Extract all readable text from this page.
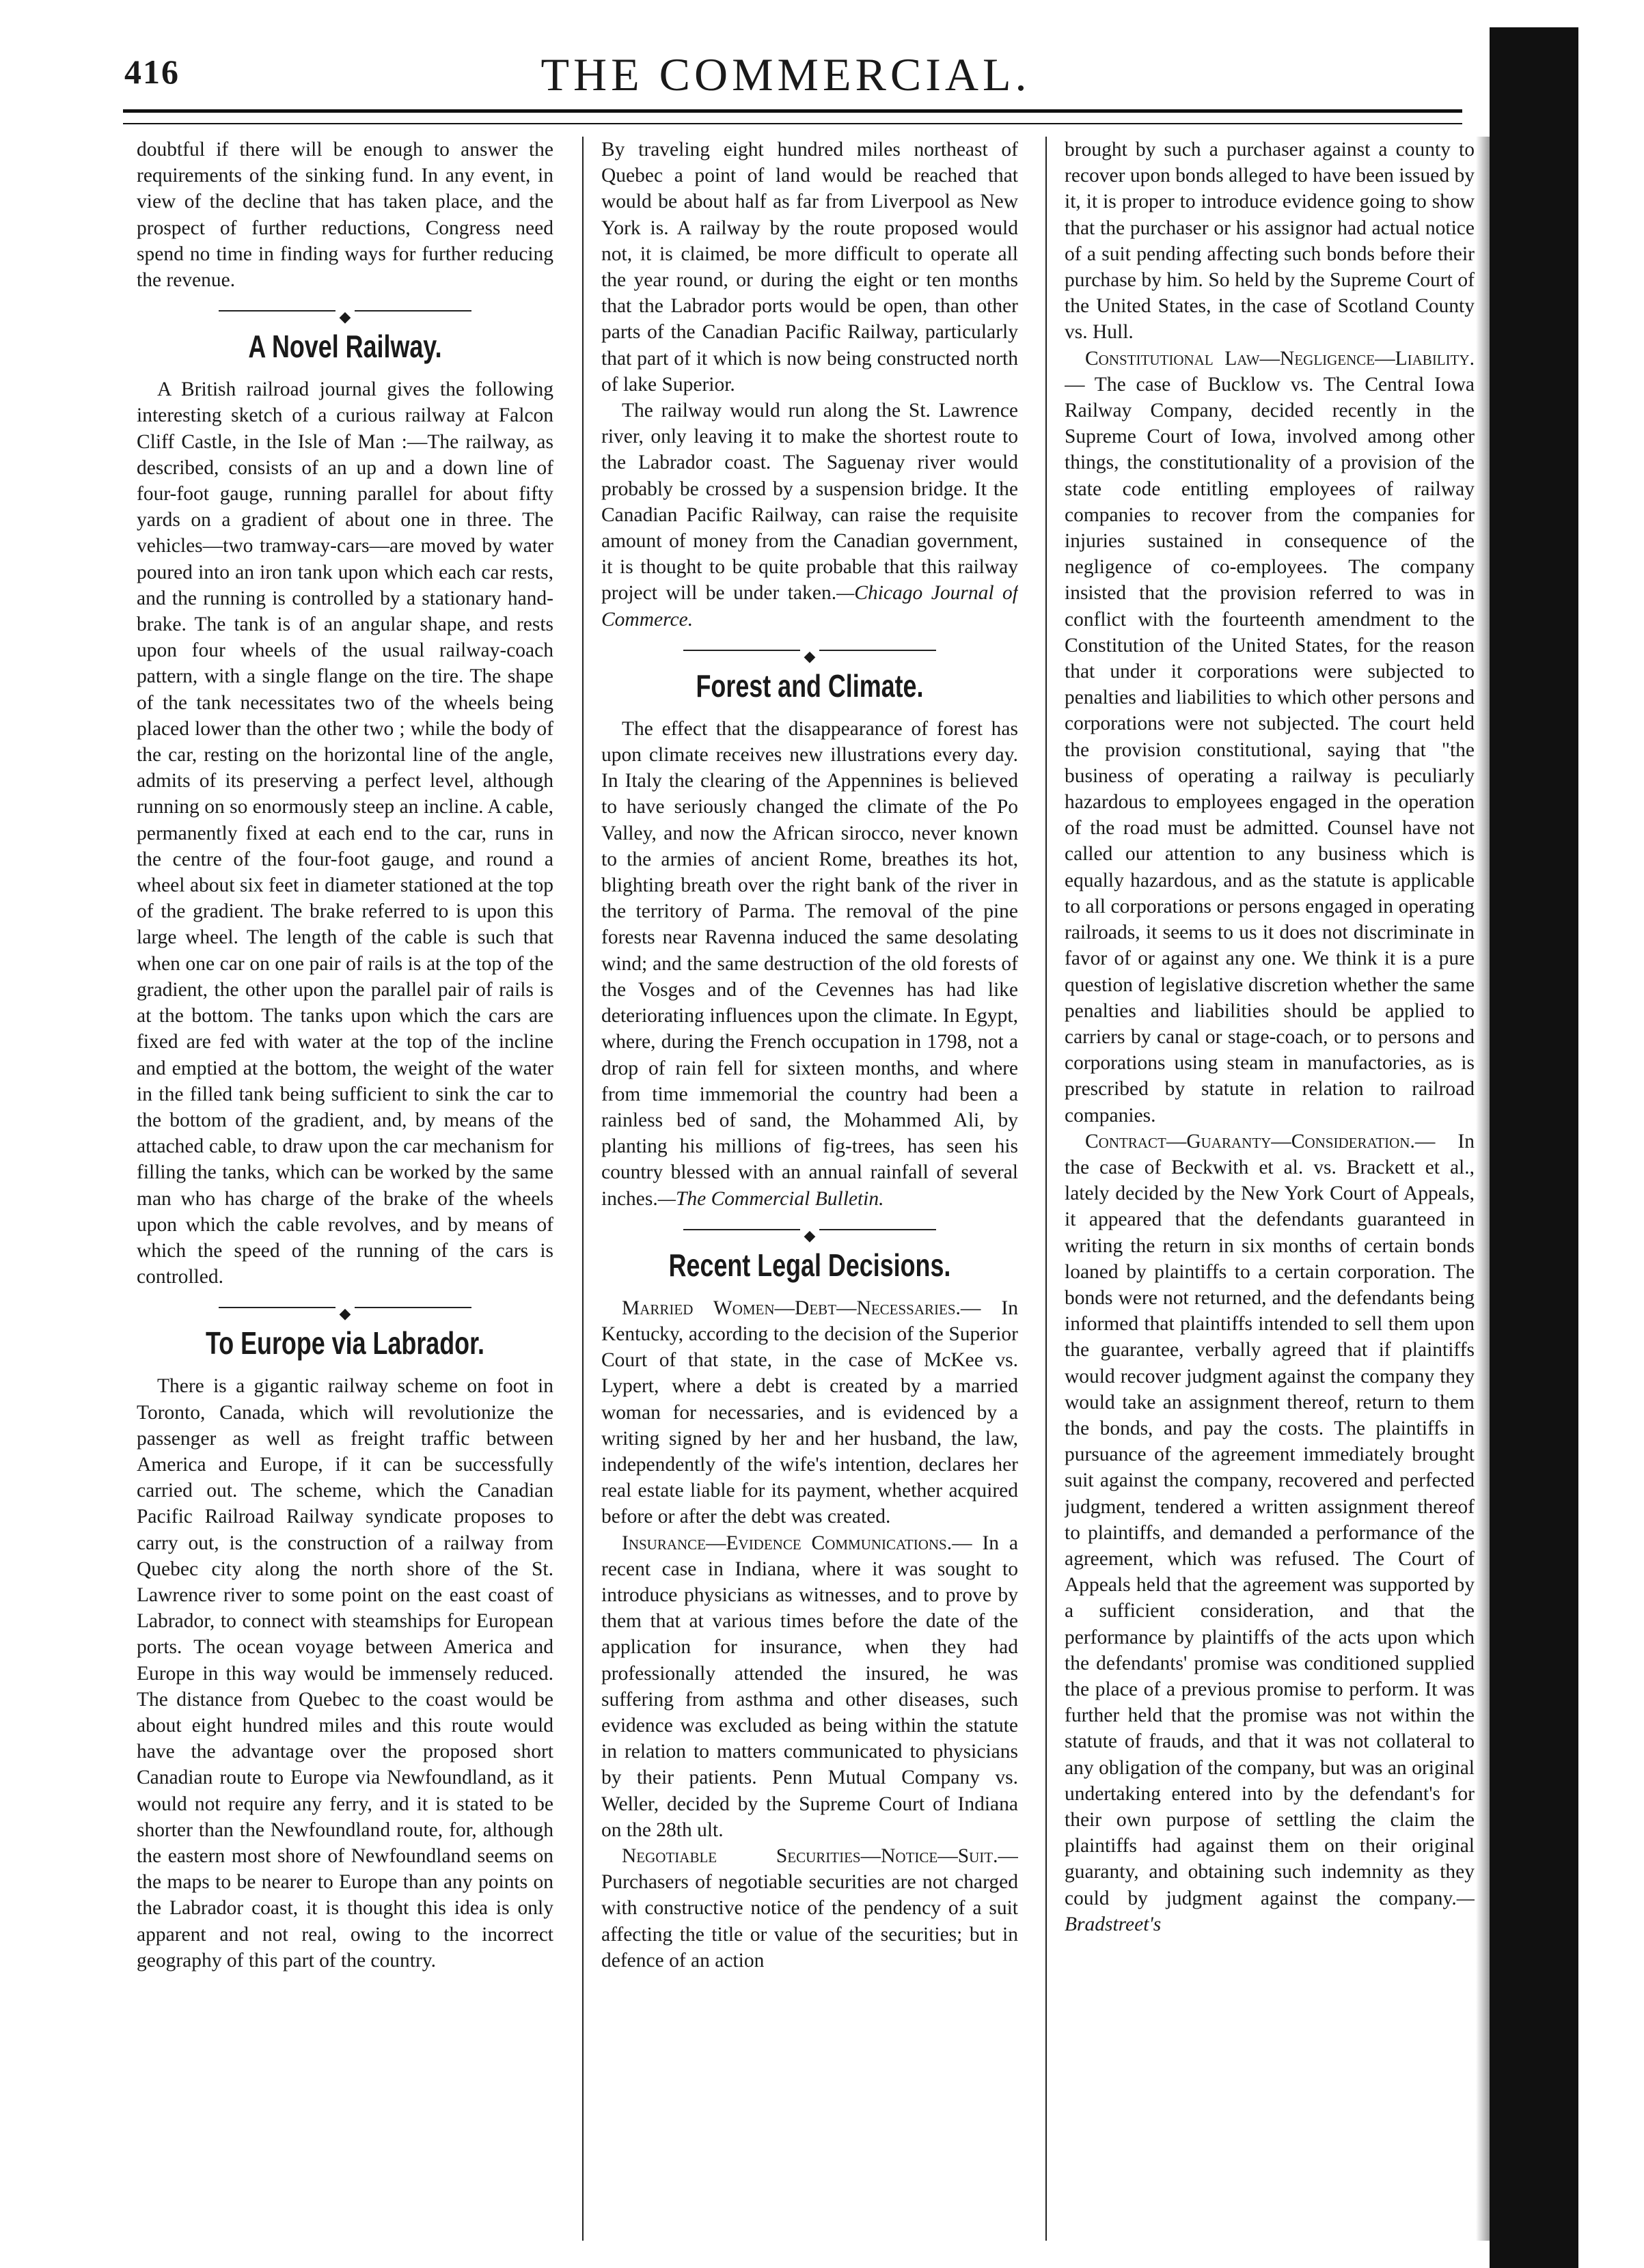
416	THE COMMERCIAL.

doubtful if there will be enough to answer the requirements of the sinking fund. In any event, in view of the decline that has taken place, and the prospect of further reductions, Congress need spend no time in finding ways for further reducing the revenue.

◆
A Novel Railway.

A British railroad journal gives the following interesting sketch of a curious railway at Falcon Cliff Castle, in the Isle of Man :—The railway, as described, consists of an up and a down line of four-foot gauge, running parallel for about fifty yards on a gradient of about one in three. The vehicles—two tramway-cars—are moved by water poured into an iron tank upon which each car rests, and the running is controlled by a stationary hand-brake. The tank is of an angular shape, and rests upon four wheels of the usual railway-coach pattern, with a single flange on the tire. The shape of the tank necessitates two of the wheels being placed lower than the other two ; while the body of the car, resting on the horizontal line of the angle, admits of its preserving a perfect level, although running on so enormously steep an incline. A cable, permanently fixed at each end to the car, runs in the centre of the four-foot gauge, and round a wheel about six feet in diameter stationed at the top of the gradient. The brake referred to is upon this large wheel. The length of the cable is such that when one car on one pair of rails is at the top of the gradient, the other upon the parallel pair of rails is at the bottom. The tanks upon which the cars are fixed are fed with water at the top of the incline and emptied at the bottom, the weight of the water in the filled tank being sufficient to sink the car to the bottom of the gradient, and, by means of the attached cable, to draw upon the car mechanism for filling the tanks, which can be worked by the same man who has charge of the brake of the wheels upon which the cable revolves, and by means of which the speed of the running of the cars is controlled.

◆
To Europe via Labrador.

There is a gigantic railway scheme on foot in Toronto, Canada, which will revolutionize the passenger as well as freight traffic between America and Europe, if it can be successfully carried out. The scheme, which the Canadian Pacific Railroad Railway syndicate proposes to carry out, is the construction of a railway from Quebec city along the north shore of the St. Lawrence river to some point on the east coast of Labrador, to connect with steamships for European ports. The ocean voyage between America and Europe in this way would be immensely reduced. The distance from Quebec to the coast would be about eight hundred miles and this route would have the advantage over the proposed short Canadian route to Europe via Newfoundland, as it would not require any ferry, and it is stated to be shorter than the Newfoundland route, for, although the eastern most shore of Newfoundland seems on the maps to be nearer to Europe than any points on the Labrador coast, it is thought this idea is only apparent and not real, owing to the incorrect geography of this part of the country.

By traveling eight hundred miles northeast of Quebec a point of land would be reached that would be about half as far from Liverpool as New York is. A railway by the route proposed would not, it is claimed, be more difficult to operate all the year round, or during the eight or ten months that the Labrador ports would be open, than other parts of the Canadian Pacific Railway, particularly that part of it which is now being constructed north of lake Superior.

The railway would run along the St. Lawrence river, only leaving it to make the shortest route to the Labrador coast. The Saguenay river would probably be crossed by a suspension bridge. It the Canadian Pacific Railway, can raise the requisite amount of money from the Canadian government, it is thought to be quite probable that this railway project will be under taken.—Chicago Journal of Commerce.

◆
Forest and Climate.

The effect that the disappearance of forest has upon climate receives new illustrations every day. In Italy the clearing of the Appennines is believed to have seriously changed the climate of the Po Valley, and now the African sirocco, never known to the armies of ancient Rome, breathes its hot, blighting breath over the right bank of the river in the territory of Parma. The removal of the pine forests near Ravenna induced the same desolating wind; and the same destruction of the old forests of the Vosges and of the Cevennes has had like deteriorating influences upon the climate. In Egypt, where, during the French occupation in 1798, not a drop of rain fell for sixteen months, and where from time immemorial the country had been a rainless bed of sand, the Mohammed Ali, by planting his millions of fig-trees, has seen his country blessed with an annual rainfall of several inches.—The Commercial Bulletin.

◆
Recent Legal Decisions.

Married Women—Debt—Necessaries.— In Kentucky, according to the decision of the Superior Court of that state, in the case of McKee vs. Lypert, where a debt is created by a married woman for necessaries, and is evidenced by a writing signed by her and her husband, the law, independently of the wife's intention, declares her real estate liable for its payment, whether acquired before or after the debt was created.

Insurance—Evidence Communications.— In a recent case in Indiana, where it was sought to introduce physicians as witnesses, and to prove by them that at various times before the date of the application for insurance, when they had professionally attended the insured, he was suffering from asthma and other diseases, such evidence was excluded as being within the statute in relation to matters communicated to physicians by their patients. Penn Mutual Company vs. Weller, decided by the Supreme Court of Indiana on the 28th ult.

Negotiable Securities—Notice—Suit.— Purchasers of negotiable securities are not charged with constructive notice of the pendency of a suit affecting the title or value of the securities; but in defence of an action

brought by such a purchaser against a county to recover upon bonds alleged to have been issued by it, it is proper to introduce evidence going to show that the purchaser or his assignor had actual notice of a suit pending affecting such bonds before their purchase by him. So held by the Supreme Court of the United States, in the case of Scotland County vs. Hull.

Constitutional Law—Negligence—Liability.— The case of Bucklow vs. The Central Iowa Railway Company, decided recently in the Supreme Court of Iowa, involved among other things, the constitutionality of a provision of the state code entitling employees of railway companies to recover from the companies for injuries sustained in consequence of the negligence of co-employees. The company insisted that the provision referred to was in conflict with the fourteenth amendment to the Constitution of the United States, for the reason that under it corporations were subjected to penalties and liabilities to which other persons and corporations were not subjected. The court held the provision constitutional, saying that "the business of operating a railway is peculiarly hazardous to employees engaged in the operation of the road must be admitted. Counsel have not called our attention to any business which is equally hazardous, and as the statute is applicable to all corporations or persons engaged in operating railroads, it seems to us it does not discriminate in favor of or against any one. We think it is a pure question of legislative discretion whether the same penalties and liabilities should be applied to carriers by canal or stage-coach, or to persons and corporations using steam in manufactories, as is prescribed by statute in relation to railroad companies.

Contract—Guaranty—Consideration.— In the case of Beckwith et al. vs. Brackett et al., lately decided by the New York Court of Appeals, it appeared that the defendants guaranteed in writing the return in six months of certain bonds loaned by plaintiffs to a certain corporation. The bonds were not returned, and the defendants being informed that plaintiffs intended to sell them upon the guarantee, verbally agreed that if plaintiffs would recover judgment against the company they would take an assignment thereof, return to them the bonds, and pay the costs. The plaintiffs in pursuance of the agreement immediately brought suit against the company, recovered and perfected judgment, tendered a written assignment thereof to plaintiffs, and demanded a performance of the agreement, which was refused. The Court of Appeals held that the agreement was supported by a sufficient consideration, and that the performance by plaintiffs of the acts upon which the defendants' promise was conditioned supplied the place of a previous promise to perform. It was further held that the promise was not within the statute of frauds, and that it was not collateral to any obligation of the company, but was an original undertaking entered into by the defendant's for their own purpose of settling the claim the plaintiffs had against them on their original guaranty, and obtaining such indemnity as they could by judgment against the company.—Bradstreet's
